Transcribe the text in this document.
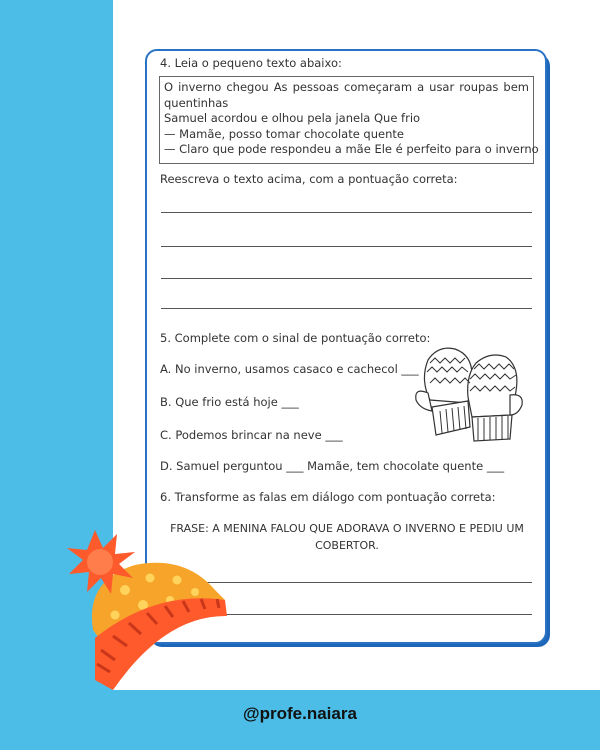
@profe.naiara
4. Leia o pequeno texto abaixo:
O inverno chegou As pessoas começaram a usar roupas bem
quentinhas
Samuel acordou e olhou pela janela Que frio
— Mamãe, posso tomar chocolate quente
— Claro que pode respondeu a mãe Ele é perfeito para o inverno
Reescreva o texto acima, com a pontuação correta:
5. Complete com o sinal de pontuação correto:
A. No inverno, usamos casaco e cachecol ___
B. Que frio está hoje ___
C. Podemos brincar na neve ___
D. Samuel perguntou ___ Mamãe, tem chocolate quente ___
6. Transforme as falas em diálogo com pontuação correta:
FRASE: A MENINA FALOU QUE ADORAVA O INVERNO E PEDIU UM
COBERTOR.
